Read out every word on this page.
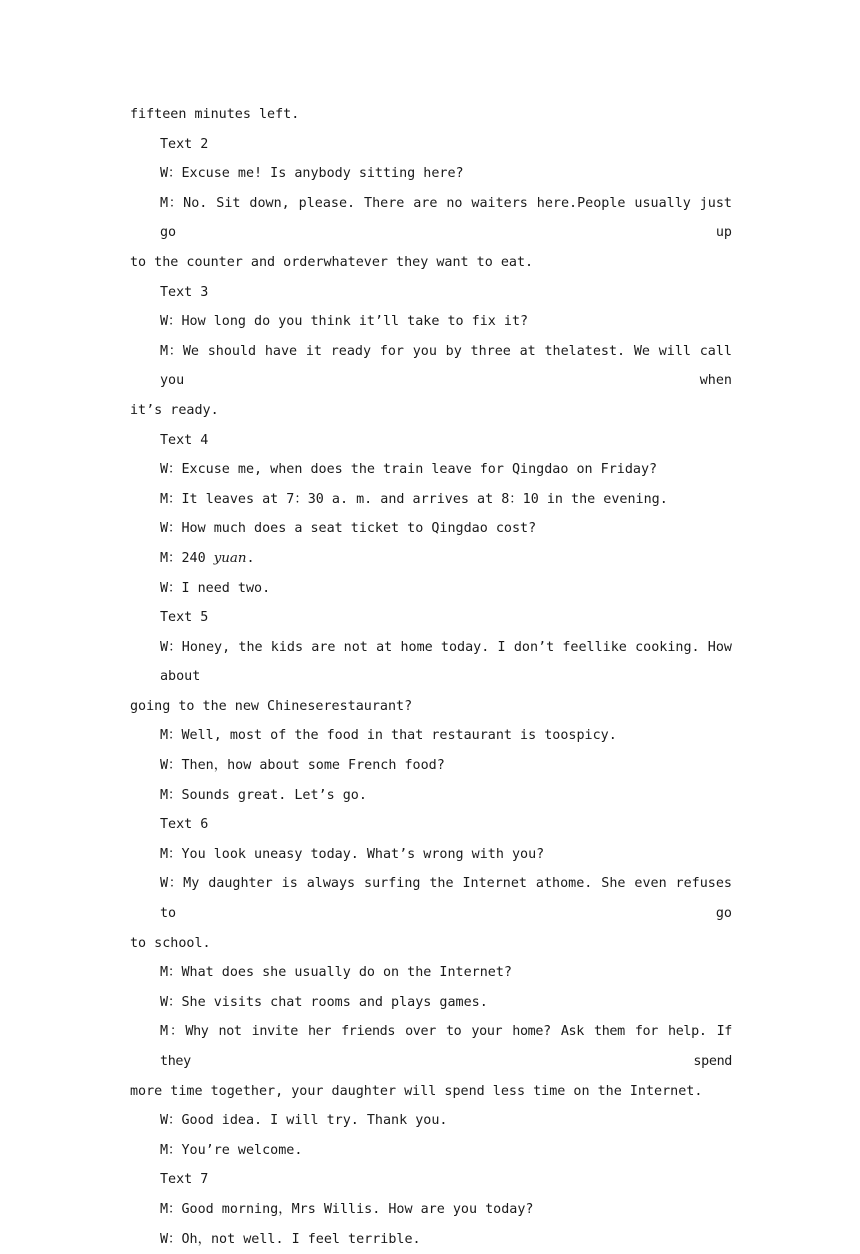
fifteen minutes left.

Text 2

W：Excuse me! Is anybody sitting here?

M：No. Sit down, please. There are no waiters here.People usually just go up

to the counter and orderwhatever they want to eat.

Text 3

W：How long do you think it’ll take to fix it?

M：We should have it ready for you by three at thelatest. We will call you when

it’s ready.

Text 4

W：Excuse me, when does the train leave for Qingdao on Friday?

M：It leaves at 7：30 a. m. and arrives at 8：10 in the evening.

W：How much does a seat ticket to Qingdao cost?

M：240 yuan.

W：I need two.

Text 5

W：Honey, the kids are not at home today. I don’t feellike cooking. How about

going to the new Chineserestaurant?

M：Well, most of the food in that restaurant is toospicy.

W：Then，how about some French food?

M：Sounds great. Let’s go.

Text 6

M：You look uneasy today. What’s wrong with you?

W：My daughter is always surfing the Internet athome. She even refuses to go

to school.

M：What does she usually do on the Internet?

W：She visits chat rooms and plays games.

M：Why not invite her friends over to your home? Ask them for help. If they spend

more time together, your daughter will spend less time on the Internet.

W：Good idea. I will try. Thank you.

M：You’re welcome.

Text 7

M：Good morning，Mrs Willis. How are you today?

W：Oh，not well. I feel terrible.
